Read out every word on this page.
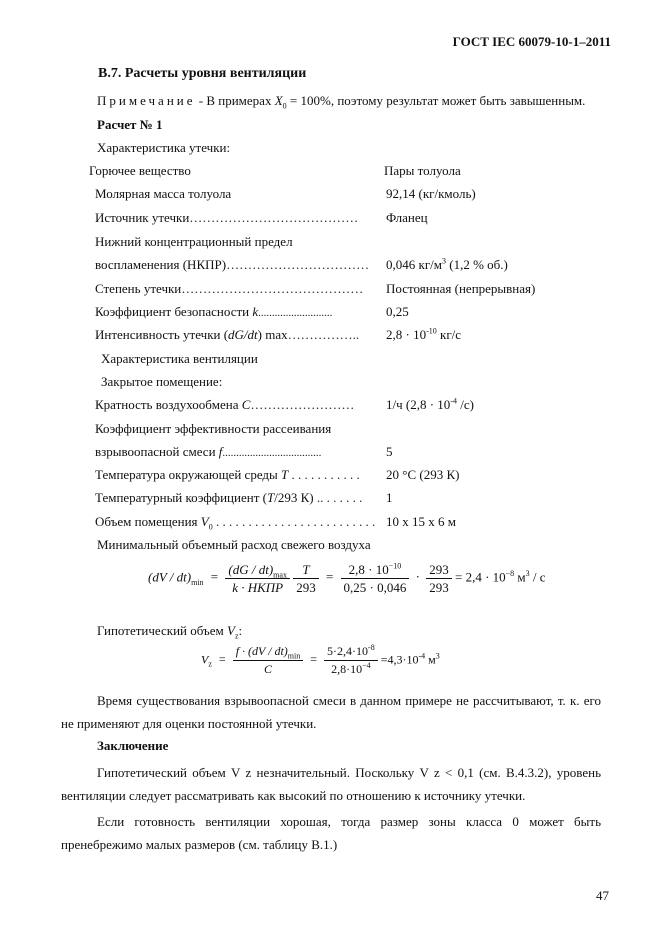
ГОСТ IEC 60079-10-1–2011
B.7. Расчеты уровня вентиляции
Примечание - В примерах $X_0 = 100\%$, поэтому результат может быть завышенным.
Расчет № 1
Характеристика утечки:
Горючее вещество	Пары толуола
Молярная масса толуола	92,14 (кг/кмоль)
Источник утечки………………………………… Фланец
Нижний концентрационный предел
воспламенения (НКПР)…………………………… 0,046 $кг/м^3$ (1,2 % об.)
Степень утечки…………………………………… Постоянная (непрерывная)
Коэффициент безопасности k...........................	0,25
Интенсивность утечки (dG/dt) max…………….. $2,8 \cdot 10^{-10}$ кг/с
Характеристика вентиляции
Закрытое помещение:
Кратность воздухообмена C…………………… 1/ч ($2,8 \cdot 10^{-4}$ /с)
Коэффициент эффективности рассеивания
взрывоопасной смеси f....................................	5
Температура окружающей среды T . . . . . . . . . . . 20 °С (293 К)
Температурный коэффициент (T/293 К) .. . . . . . . 1
Объем помещения $V_0$ . . . . . . . . . . . . . . . . . . . . . . . . . 10 х 15 х 6 м
Минимальный объемный расход свежего воздуха
$(dV / dt)_{min} = \frac{(dG / dt)_{max}}{\text{k · НКПР}}$
$\frac{T}{293} = \frac{2,8 \cdot 10^{-10}}{0,25 \cdot 0,046} \cdot \frac{293}{293} = 2,4 \cdot 10^{-8}$ $м^3$ / с
Гипотетический объем $V_z$:
$V_z = \frac{f \cdot (dV / dt)_{min}}{C} = \frac{5\cdot 2,4\cdot 10^{-8}}{2,8\cdot 10^{-4}} =4,3\cdot 10^{-4}$ $м^3$
Время существования взрывоопасной смеси в данном примере не рассчитывают, т. к. его не применяют для оценки постоянной утечки.
Заключение
Гипотетический объем V z незначительный. Поскольку V z < 0,1 (см. В.4.3.2), уровень вентиляции следует рассматривать как высокий по отношению к источнику утечки.
Если готовность вентиляции хорошая, тогда размер зоны класса 0 может быть пренебрежимо малых размеров (см. таблицу В.1.)
47
